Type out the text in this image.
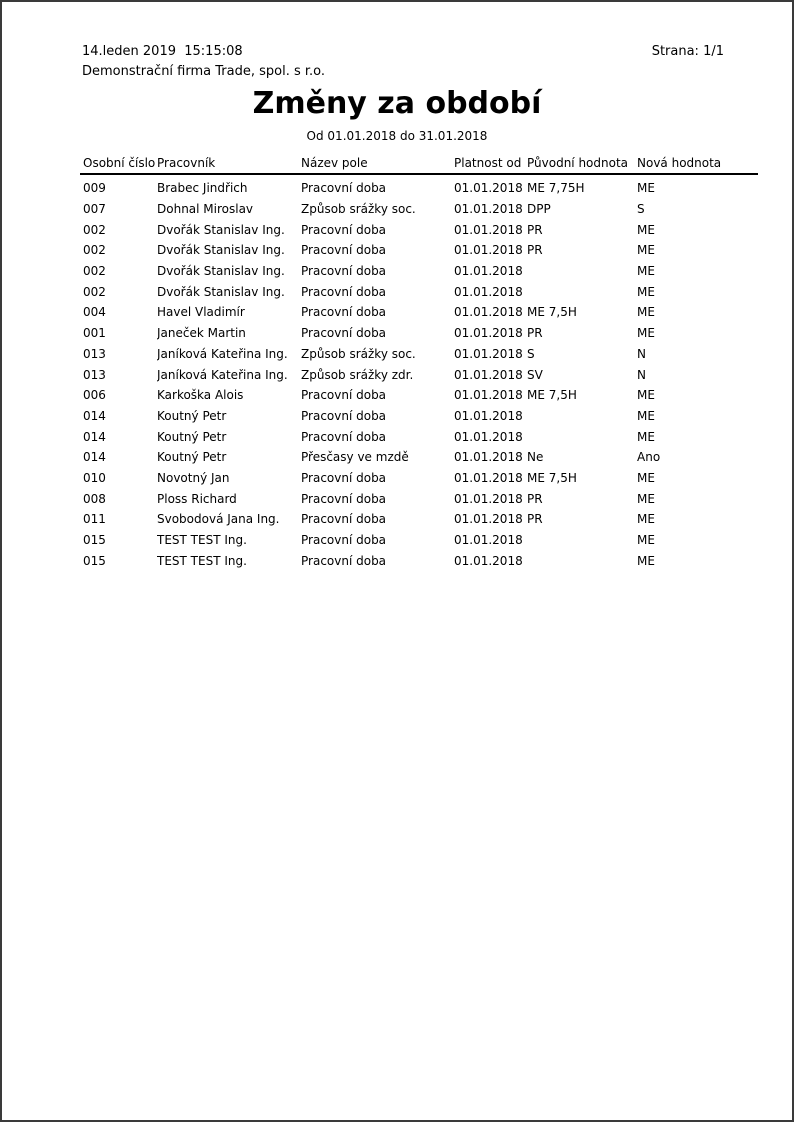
14.leden 2019  15:15:08
Demonstrační firma Trade, spol. s r.o.
Strana: 1/1
Změny za období
Od 01.01.2018 do 31.01.2018
Osobní číslo	Pracovník	Název pole	Platnost od	Původní hodnota	Nová hodnota
009	Brabec Jindřich	Pracovní doba	01.01.2018	ME 7,75H	ME
007	Dohnal Miroslav	Způsob srážky soc.	01.01.2018	DPP	S
002	Dvořák Stanislav Ing.	Pracovní doba	01.01.2018	PR	ME
002	Dvořák Stanislav Ing.	Pracovní doba	01.01.2018	PR	ME
002	Dvořák Stanislav Ing.	Pracovní doba	01.01.2018		ME
002	Dvořák Stanislav Ing.	Pracovní doba	01.01.2018		ME
004	Havel Vladimír	Pracovní doba	01.01.2018	ME 7,5H	ME
001	Janeček Martin	Pracovní doba	01.01.2018	PR	ME
013	Janíková Kateřina Ing.	Způsob srážky soc.	01.01.2018	S	N
013	Janíková Kateřina Ing.	Způsob srážky zdr.	01.01.2018	SV	N
006	Karkoška Alois	Pracovní doba	01.01.2018	ME 7,5H	ME
014	Koutný Petr	Pracovní doba	01.01.2018		ME
014	Koutný Petr	Pracovní doba	01.01.2018		ME
014	Koutný Petr	Přesčasy ve mzdě	01.01.2018	Ne	Ano
010	Novotný Jan	Pracovní doba	01.01.2018	ME 7,5H	ME
008	Ploss Richard	Pracovní doba	01.01.2018	PR	ME
011	Svobodová Jana Ing.	Pracovní doba	01.01.2018	PR	ME
015	TEST TEST Ing.	Pracovní doba	01.01.2018		ME
015	TEST TEST Ing.	Pracovní doba	01.01.2018		ME
